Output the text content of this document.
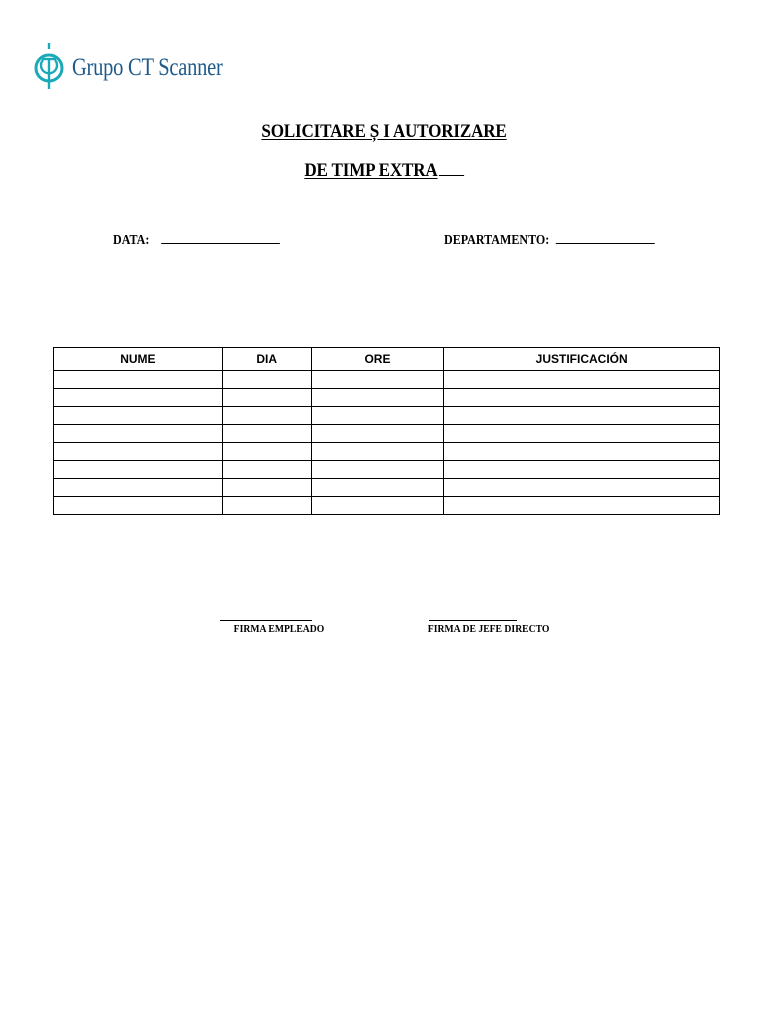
Grupo CT Scanner
SOLICITARE Ș I AUTORIZARE
DE TIMP EXTRA
DATA:	DEPARTAMENTO:
NUME	DIA	ORE	JUSTIFICACIÓN

FIRMA EMPLEADO	FIRMA DE JEFE DIRECTO
